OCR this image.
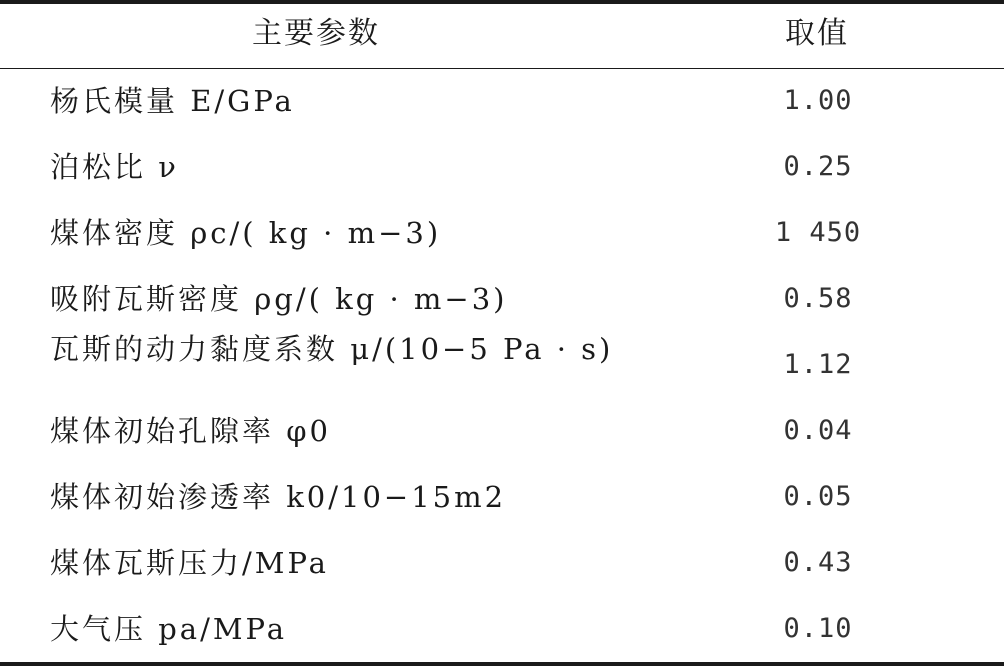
主要参数	取值
杨氏模量 E/GPa	1.00
泊松比 ν	0.25
煤体密度 ρc/( kg · m−3)	1 450
吸附瓦斯密度 ρg/( kg · m−3)	0.58
瓦斯的动力黏度系数 μ/(10−5 Pa · s)	1.12
煤体初始孔隙率 φ0	0.04
煤体初始渗透率 k0/10−15m2	0.05
煤体瓦斯压力/MPa	0.43
大气压 pa/MPa	0.10
